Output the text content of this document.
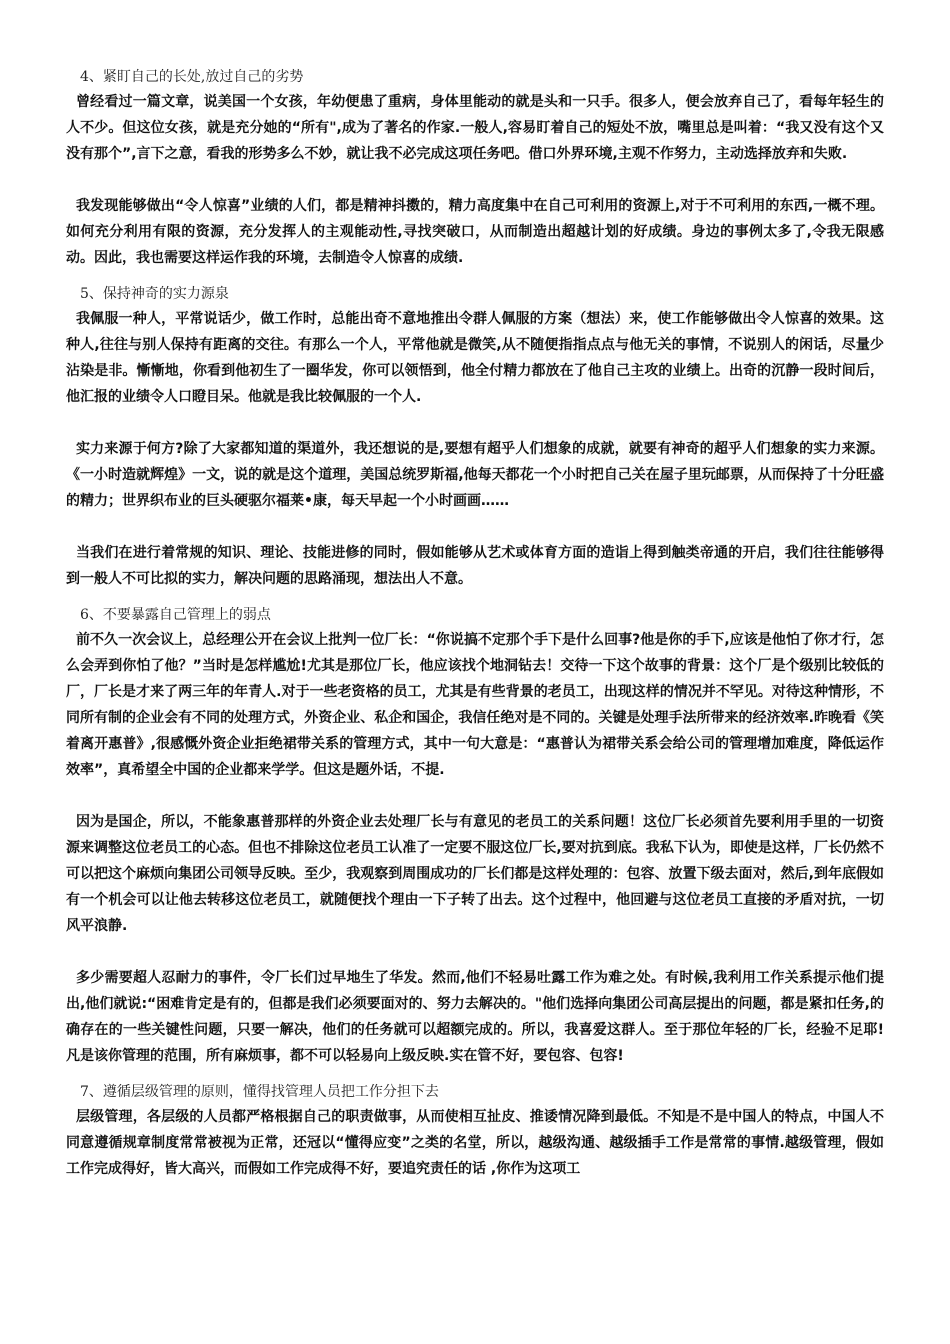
4、紧盯自己的长处,放过自己的劣势

曾经看过一篇文章，说美国一个女孩，年幼便患了重病，身体里能动的就是头和一只手。很多人，便会放弃自己了，看每年轻生的人不少。但这位女孩，就是充分她的“所有",成为了著名的作家.一般人,容易盯着自己的短处不放，嘴里总是叫着：“我又没有这个又没有那个”,言下之意，看我的形势多么不妙，就让我不必完成这项任务吧。借口外界环境,主观不作努力，主动选择放弃和失败.

我发现能够做出“令人惊喜”业绩的人们，都是精神抖擞的，精力高度集中在自己可利用的资源上,对于不可利用的东西,一概不理。如何充分利用有限的资源，充分发挥人的主观能动性,寻找突破口，从而制造出超越计划的好成绩。身边的事例太多了,令我无限感动。因此，我也需要这样运作我的环境，去制造令人惊喜的成绩.

5、保持神奇的实力源泉

我佩服一种人，平常说话少，做工作时，总能出奇不意地推出令群人佩服的方案（想法）来，使工作能够做出令人惊喜的效果。这种人,往往与别人保持有距离的交往。有那么一个人，平常他就是微笑,从不随便指指点点与他无关的事情，不说别人的闲话，尽量少沾染是非。慚慚地，你看到他初生了一圈华发，你可以领悟到，他全付精力都放在了他自己主攻的业绩上。出奇的沉静一段时间后，他汇报的业绩令人口瞪目呆。他就是我比较佩服的一个人.

实力来源于何方?除了大家都知道的渠道外，我还想说的是,要想有超乎人们想象的成就，就要有神奇的超乎人们想象的实力来源。《一小时造就辉煌》一文，说的就是这个道理，美国总统罗斯福,他每天都花一个小时把自己关在屋子里玩邮票，从而保持了十分旺盛的精力；世界织布业的巨头硬驱尔福莱•康，每天早起一个小时画画……

当我们在进行着常规的知识、理论、技能进修的同时，假如能够从艺术或体育方面的造诣上得到触类帝通的开启，我们往往能够得到一般人不可比拟的实力，解决问题的思路涌现，想法出人不意。

6、不要暴露自己管理上的弱点

前不久一次会议上，总经理公开在会议上批判一位厂长：“你说搞不定那个手下是什么回事?他是你的手下,应该是他怕了你才行，怎么会弄到你怕了他？”当时是怎样尴尬!尤其是那位厂长，他应该找个地洞钻去！交待一下这个故事的背景：这个厂是个级别比较低的厂，厂长是才来了两三年的年青人.对于一些老资格的员工，尤其是有些背景的老员工，出现这样的情况并不罕见。对待这种情形，不同所有制的企业会有不同的处理方式，外资企业、私企和国企，我信任绝对是不同的。关键是处理手法所带来的经济效率.昨晚看《笑着离开惠普》,很感慨外资企业拒绝裙带关系的管理方式，其中一句大意是：“惠普认为裙带关系会给公司的管理增加难度，降低运作效率”，真希望全中国的企业都来学学。但这是题外话，不提.

因为是国企，所以，不能象惠普那样的外资企业去处理厂长与有意见的老员工的关系问题！这位厂长必须首先要利用手里的一切资源来调整这位老员工的心态。但也不排除这位老员工认准了一定要不服这位厂长,要对抗到底。我私下认为，即使是这样，厂长仍然不可以把这个麻烦向集团公司领导反映。至少，我观察到周围成功的厂长们都是这样处理的：包容、放置下级去面对，然后,到年底假如有一个机会可以让他去转移这位老员工，就随便找个理由一下子转了出去。这个过程中，他回避与这位老员工直接的矛盾对抗，一切风平浪静.

多少需要超人忍耐力的事件，令厂长们过早地生了华发。然而,他们不轻易吐露工作为难之处。有时候,我利用工作关系提示他们提出,他们就说:“困难肯定是有的，但都是我们必须要面对的、努力去解决的。"他们选择向集团公司高层提出的问题，都是紧扣任务,的确存在的一些关键性问题，只要一解决，他们的任务就可以超额完成的。所以，我喜爱这群人。至于那位年轻的厂长，经验不足耶!凡是该你管理的范围，所有麻烦事，都不可以轻易向上级反映.实在管不好，要包容、包容!

7、遵循层级管理的原则，懂得找管理人员把工作分担下去

层级管理，各层级的人员都严格根据自己的职责做事，从而使相互扯皮、推诿情况降到最低。不知是不是中国人的特点，中国人不同意遵循规章制度常常被视为正常，还冠以“懂得应变”之类的名堂，所以，越级沟通、越级插手工作是常常的事情.越级管理，假如工作完成得好，皆大高兴，而假如工作完成得不好，要追究责任的话 ,你作为这项工
